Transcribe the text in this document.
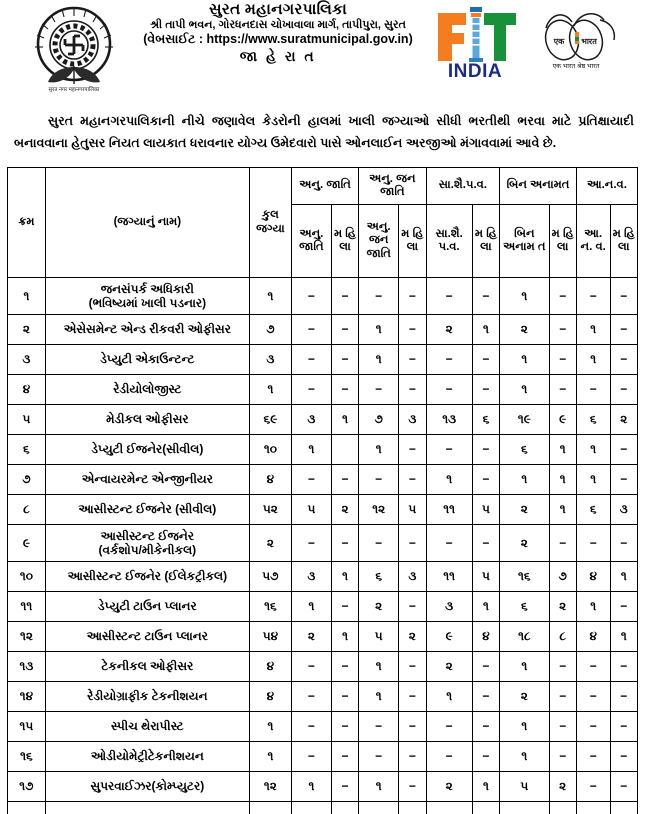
सुरत नगर महानगरपालिका
સુરત મહાનગરપાલિકા
શ્રી તાપી ભવન, ગોરધનદાસ ચોખાવાલા માર્ગ, તાપીપુરા, સુરત
(વેબસાઈટ : https://www.suratmunicipal.gov.in)
જા હે રા ત
INDIA
एक भारत
एक भारत श्रेष्ठ भारत

સુરત મહાનગરપાલિકાની નીચે જણાવેલ કેડરોની હાલમાં ખાલી જગ્યાઓ સીધી ભરતીથી ભરવા માટે પ્રતિક્ષાયાદી બનાવવાના હેતુસર નિયત લાયકાત ધરાવનાર યોગ્ય ઉમેદવારો પાસે ઓનલાઈન અરજીઓ મંગાવવામાં આવે છે.

ક્રમ	(જગ્યાનું નામ)	કુલ જગ્યા	અનુ. જાતિ		અનુ. જન જાતિ		સા.શૈ.પ.વ.		બિન અનામત		આ.ન.વ.	
			અનુ. જાતિ	મ હિ લા	અનુ. જન જાતિ	મ હિ લા	સા.શૈ. પ.વ.	મ હિ લા	બિન અનામ ત	મ હિ લા	આ. ન. વ.	મ હિ લા
૧	જનસંપર્ક અધિકારી
(ભવિષ્યમાં ખાલી પડનાર)	૧	−	−	−	−	−	−	૧	−	−	−
૨	એસેસમેન્ટ એન્ડ રીકવરી ઓફીસર	૭	−	−	૧	−	૨	૧	૨	−	૧	−
૩	ડેપ્યુટી એકાઉન્ટન્ટ	૩	−	−	૧	−	−	−	૧	−	૧	−
૪	રેડીયોલોજીસ્ટ	૧	−	−	−	−	−	−	૧	−	−	−
૫	મેડીકલ ઓફીસર	૬૯	૩	૧	૭	૩	૧૩	૬	૧૯	૯	૬	૨
૬	ડેપ્યુટી ઈજનેર(સીવીલ)	૧૦	૧		૧	−	−	−	૬	૧	૧	−
૭	એન્વાયરમેન્ટ એન્જીનીયર	૪	−	−	−	−	૧	−	૧	૧	૧	−
૮	આસીસ્ટન્ટ ઈજનેર (સીવીલ)	૫૨	૫	૨	૧૨	૫	૧૧	૫	૨	૧	૬	૩
૯	આસીસ્ટન્ટ ઈજનેર
(વર્કશોપ/મીકેનીકલ)	૨	−	−	−	−	−	−	૨	−	−	−
૧૦	આસીસ્ટન્ટ ઈજનેર (ઈલેકટ્રીકલ)	૫૭	૩	૧	૬	૩	૧૧	૫	૧૬	૭	૪	૧
૧૧	ડેપ્યુટી ટાઉન પ્લાનર	૧૬	૧	−	૨	−	૩	૧	૬	૨	૧	−
૧૨	આસીસ્ટન્ટ ટાઉન પ્લાનર	૫૪	૨	૧	૫	૨	૯	૪	૧૮	૮	૪	૧
૧૩	ટેકનીકલ ઓફીસર	૪	−	−	૧	−	૨	−	૧	−	−	−
૧૪	રેડીયોગ્રાફીક ટેકનીશયન	૪	−	−	૧	−	૧	−	૨	−	−	−
૧૫	સ્પીચ થેરાપીસ્ટ	૧	−	−	−	−	−	−	૧	−	−	−
૧૬	ઓડીયોમેટ્રીટેકનીશયન	૧	−	−	−	−	−	−	૧	−	−	−
૧૭	સુપરવાઈઝર(કોમ્પ્યુટર)	૧૨	૧	−	૧	−	૨	૧	૫	૨	−	−
